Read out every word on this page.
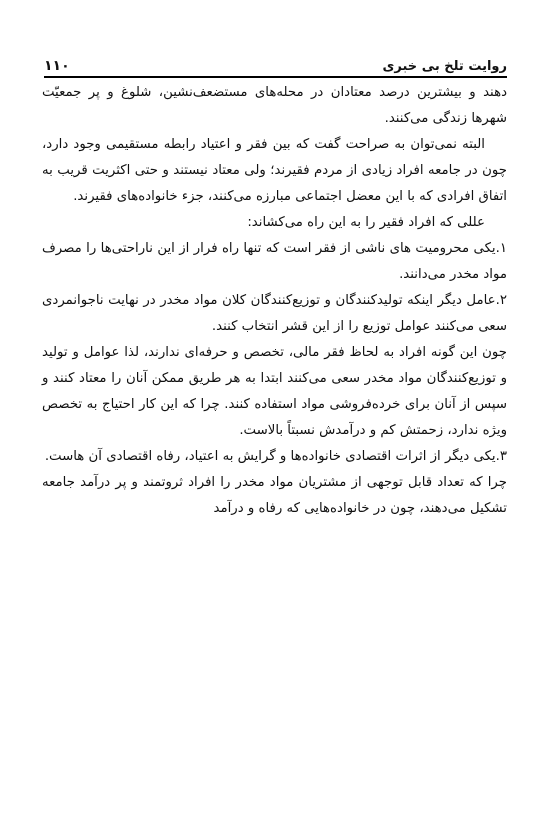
۱۱۰	روایت تلخ بی خبری

دهند و بیشترین درصد معتادان در محله‌های مستضعف‌نشین، شلوغ و پر جمعیّت شهرها زندگی می‌کنند.

البته نمی‌توان به صراحت گفت که بین فقر و اعتیاد رابطه مستقیمی وجود دارد، چون در جامعه افراد زیادی از مردم فقیرند؛ ولی معتاد نیستند و حتی اکثریت قریب به اتفاق افرادی که با این معضل اجتماعی مبارزه می‌کنند، جزء خانواده‌های فقیرند.

عللی که افراد فقیر را به این راه می‌کشاند:

۱.یکی محرومیت های ناشی از فقر است که تنها راه فرار از این ناراحتی‌ها را مصرف مواد مخدر می‌دانند.

۲.عامل دیگر اینکه تولیدکنندگان و توزیع‌کنندگان کلان مواد مخدر در نهایت ناجوانمردی سعی می‌کنند عوامل توزیع را از این قشر انتخاب کنند.

چون این گونه افراد به لحاظ فقر مالی، تخصص و حرفه‌ای ندارند، لذا عوامل و تولید و توزیع‌کنندگان مواد مخدر سعی می‌کنند ابتدا به هر طریق ممکن آنان را معتاد کنند و سپس از آنان برای خرده‌فروشی مواد استفاده کنند. چرا که این کار احتیاج به تخصص ویژه ندارد، زحمتش کم و درآمدش نسبتاً بالاست.

۳.یکی دیگر از اثرات اقتصادی خانواده‌ها و گرایش به اعتیاد، رفاه اقتصادی آن هاست.

چرا که تعداد قابل توجهی از مشتریان مواد مخدر را افراد ثروتمند و پر درآمد جامعه تشکیل می‌دهند، چون در خانواده‌هایی که رفاه و درآمد
